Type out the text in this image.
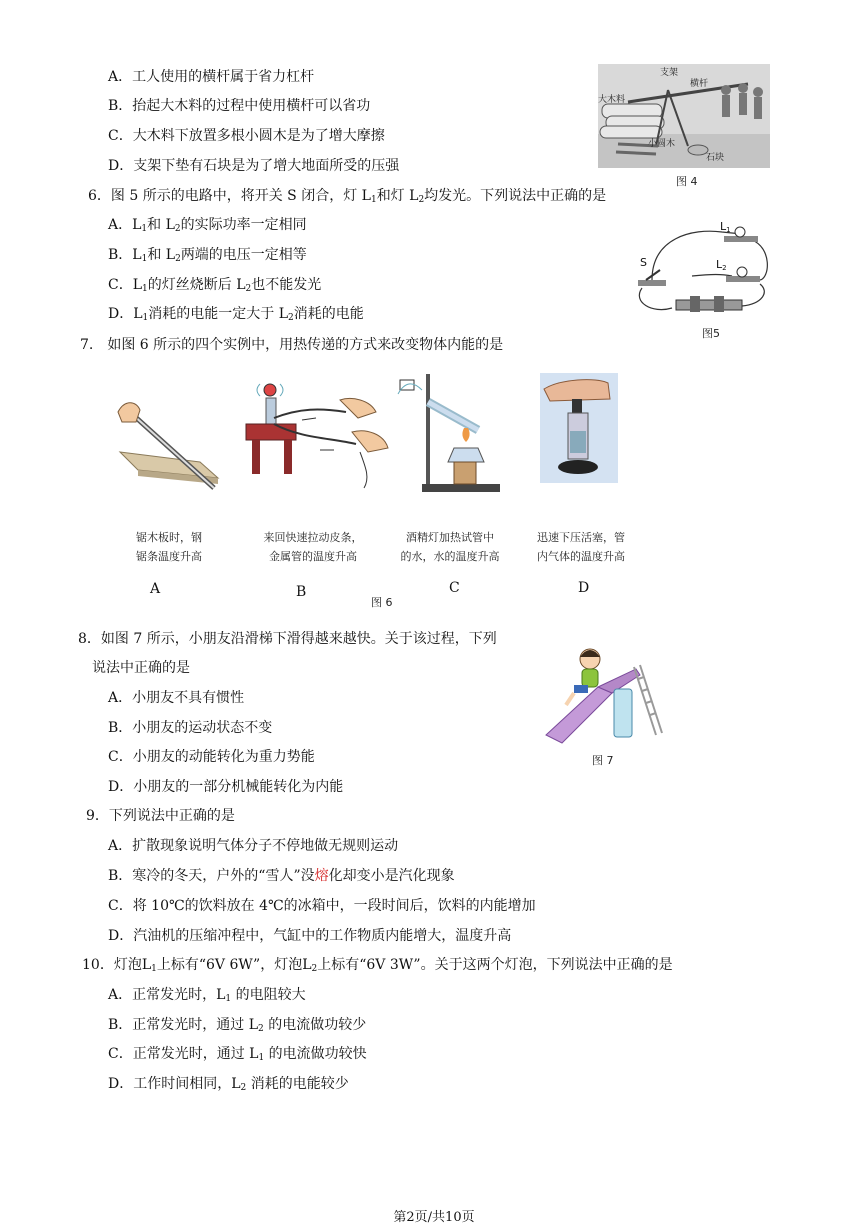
A．工人使用的横杆属于省力杠杆
B．抬起大木料的过程中使用横杆可以省功
C．大木料下放置多根小圆木是为了增大摩擦
D．支架下垫有石块是为了增大地面所受的压强
支架
横杆
大木料
小圆木
石块
图 4
6．图 5 所示的电路中，将开关 S 闭合，灯 $L_1$和灯 $L_2$均发光。下列说法中正确的是
A．$L_1$和 $L_2$的实际功率一定相同
B．$L_1$和 $L_2$两端的电压一定相等
C．$L_1$的灯丝烧断后 $L_2$也不能发光
D．$L_1$消耗的电能一定大于 $L_2$消耗的电能
S
L1
L2
图5
7.　如图 6 所示的四个实例中，用热传递的方式来改变物体内能的是
锯木板时，钢
锯条温度升高
来回快速拉动皮条，
金属管的温度升高
酒精灯加热试管中
的水，水的温度升高
迅速下压活塞，管
内气体的温度升高
A	B
图 6
C	D
8．如图 7 所示，小朋友沿滑梯下滑得越来越快。关于该过程，下列
说法中正确的是
A．小朋友不具有惯性
B．小朋友的运动状态不变
C．小朋友的动能转化为重力势能
D．小朋友的一部分机械能转化为内能
图 7
9．下列说法中正确的是
A．扩散现象说明气体分子不停地做无规则运动
B．寒冷的冬天，户外的“雪人”没熔化却变小是汽化现象
C．将 10℃的饮料放在 4℃的冰箱中，一段时间后，饮料的内能增加
D．汽油机的压缩冲程中，气缸中的工作物质内能增大，温度升高
10．灯泡$L_1$上标有“6V 6W”，灯泡$L_2$上标有“6V 3W”。关于这两个灯泡，下列说法中正确的是
A．正常发光时，$L_1$ 的电阻较大
B．正常发光时，通过 $L_2$ 的电流做功较少
C．正常发光时，通过 $L_1$ 的电流做功较快
D．工作时间相同，$L_2$ 消耗的电能较少
第2页/共10页
